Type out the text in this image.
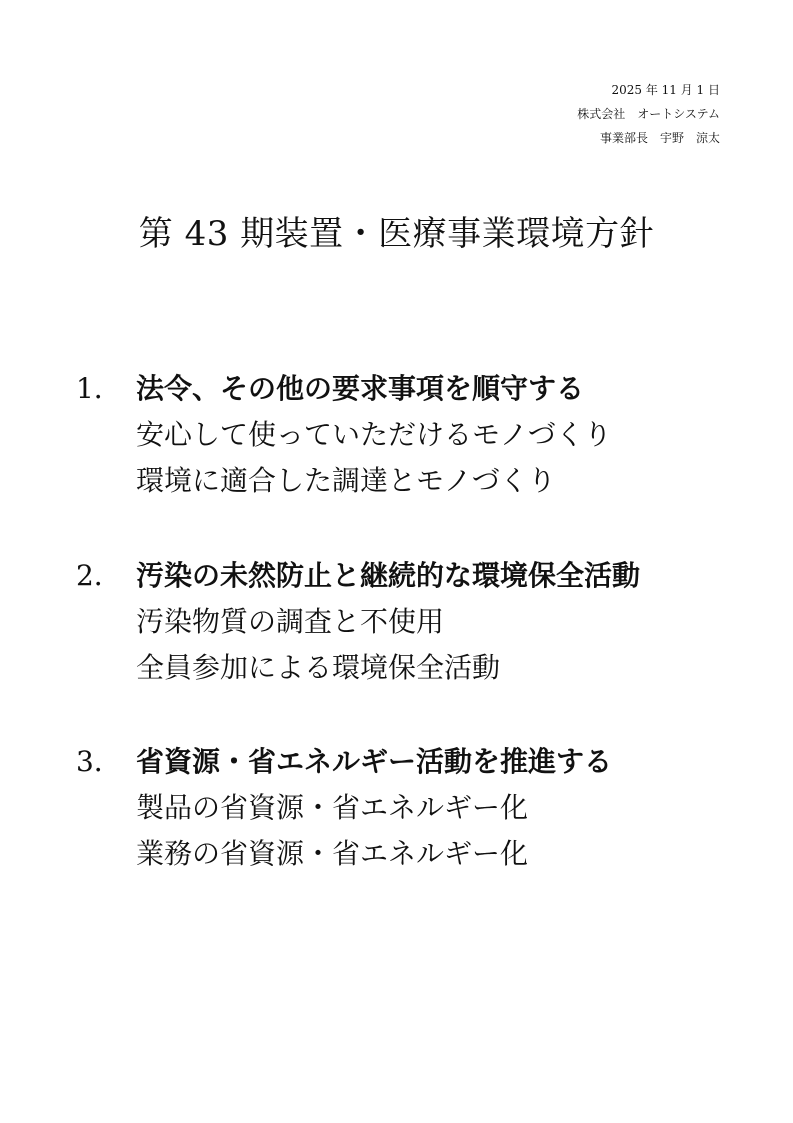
2025 年 11 月 1 日
株式会社　オートシステム
事業部長　宇野　涼太
第 43 期装置・医療事業環境方針
1． 法令、その他の要求事項を順守する
安心して使っていただけるモノづくり
環境に適合した調達とモノづくり
2． 汚染の未然防止と継続的な環境保全活動
汚染物質の調査と不使用
全員参加による環境保全活動
3． 省資源・省エネルギー活動を推進する
製品の省資源・省エネルギー化
業務の省資源・省エネルギー化
